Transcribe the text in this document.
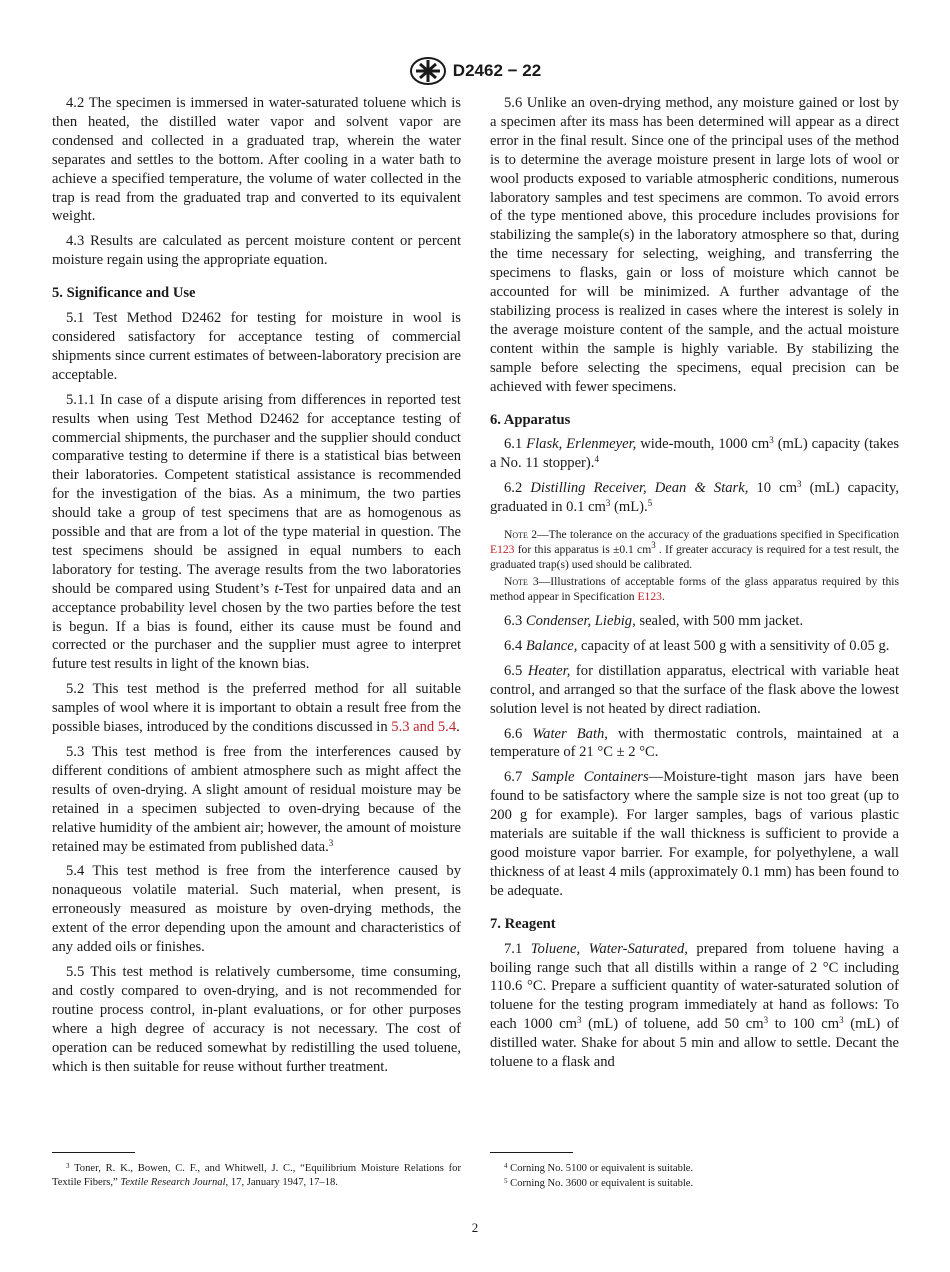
D2462 − 22

4.2 The specimen is immersed in water-saturated toluene which is then heated, the distilled water vapor and solvent vapor are condensed and collected in a graduated trap, wherein the water separates and settles to the bottom. After cooling in a water bath to achieve a specified temperature, the volume of water collected in the trap is read from the graduated trap and converted to its equivalent weight.

4.3 Results are calculated as percent moisture content or percent moisture regain using the appropriate equation.

5. Significance and Use

5.1 Test Method D2462 for testing for moisture in wool is considered satisfactory for acceptance testing of commercial shipments since current estimates of between-laboratory precision are acceptable.

5.1.1 In case of a dispute arising from differences in reported test results when using Test Method D2462 for acceptance testing of commercial shipments, the purchaser and the supplier should conduct comparative testing to determine if there is a statistical bias between their laboratories. Competent statistical assistance is recommended for the investigation of the bias. As a minimum, the two parties should take a group of test specimens that are as homogenous as possible and that are from a lot of the type material in question. The test specimens should be assigned in equal numbers to each laboratory for testing. The average results from the two laboratories should be compared using Student’s t-Test for unpaired data and an acceptance probability level chosen by the two parties before the test is begun. If a bias is found, either its cause must be found and corrected or the purchaser and the supplier must agree to interpret future test results in light of the known bias.

5.2 This test method is the preferred method for all suitable samples of wool where it is important to obtain a result free from the possible biases, introduced by the conditions discussed in 5.3 and 5.4.

5.3 This test method is free from the interferences caused by different conditions of ambient atmosphere such as might affect the results of oven-drying. A slight amount of residual moisture may be retained in a specimen subjected to oven-drying because of the relative humidity of the ambient air; however, the amount of moisture retained may be estimated from published data.$^3$

5.4 This test method is free from the interference caused by nonaqueous volatile material. Such material, when present, is erroneously measured as moisture by oven-drying methods, the extent of the error depending upon the amount and characteristics of any added oils or finishes.

5.5 This test method is relatively cumbersome, time consuming, and costly compared to oven-drying, and is not recommended for routine process control, in-plant evaluations, or for other purposes where a high degree of accuracy is not necessary. The cost of operation can be reduced somewhat by redistilling the used toluene, which is then suitable for reuse without further treatment.

5.6 Unlike an oven-drying method, any moisture gained or lost by a specimen after its mass has been determined will appear as a direct error in the final result. Since one of the principal uses of the method is to determine the average moisture present in large lots of wool or wool products exposed to variable atmospheric conditions, numerous laboratory samples and test specimens are common. To avoid errors of the type mentioned above, this procedure includes provisions for stabilizing the sample(s) in the laboratory atmosphere so that, during the time necessary for selecting, weighing, and transferring the specimens to flasks, gain or loss of moisture which cannot be accounted for will be minimized. A further advantage of the stabilizing process is realized in cases where the interest is solely in the average moisture content of the sample, and the actual moisture content within the sample is highly variable. By stabilizing the sample before selecting the specimens, equal precision can be achieved with fewer specimens.

6. Apparatus

6.1 Flask, Erlenmeyer, wide-mouth, 1000 $cm^3$ (mL) capacity (takes a No. 11 stopper).$^4$

6.2 Distilling Receiver, Dean & Stark, 10 $cm^3$ (mL) capacity, graduated in 0.1 $cm^3$ (mL).$^5$

Note 2—The tolerance on the accuracy of the graduations specified in Specification E123 for this apparatus is ±0.1 $cm^3$ . If greater accuracy is required for a test result, the graduated trap(s) used should be calibrated.

Note 3—Illustrations of acceptable forms of the glass apparatus required by this method appear in Specification E123.

6.3 Condenser, Liebig, sealed, with 500 mm jacket.

6.4 Balance, capacity of at least 500 g with a sensitivity of 0.05 g.

6.5 Heater, for distillation apparatus, electrical with variable heat control, and arranged so that the surface of the flask above the lowest solution level is not heated by direct radiation.

6.6 Water Bath, with thermostatic controls, maintained at a temperature of 21 °C ± 2 °C.

6.7 Sample Containers—Moisture-tight mason jars have been found to be satisfactory where the sample size is not too great (up to 200 g for example). For larger samples, bags of various plastic materials are suitable if the wall thickness is sufficient to provide a good moisture vapor barrier. For example, for polyethylene, a wall thickness of at least 4 mils (approximately 0.1 mm) has been found to be adequate.

7. Reagent

7.1 Toluene, Water-Saturated, prepared from toluene having a boiling range such that all distills within a range of 2 °C including 110.6 °C. Prepare a sufficient quantity of water-saturated solution of toluene for the testing program immediately at hand as follows: To each 1000 $cm^3$ (mL) of toluene, add 50 $cm^3$ to 100 $cm^3$ (mL) of distilled water. Shake for about 5 min and allow to settle. Decant the toluene to a flask and

$^3$ Toner, R. K., Bowen, C. F., and Whitwell, J. C., “Equilibrium Moisture Relations for Textile Fibers,” Textile Research Journal, 17, January 1947, 17–18.
$^4$ Corning No. 5100 or equivalent is suitable.
$^5$ Corning No. 3600 or equivalent is suitable.
2
